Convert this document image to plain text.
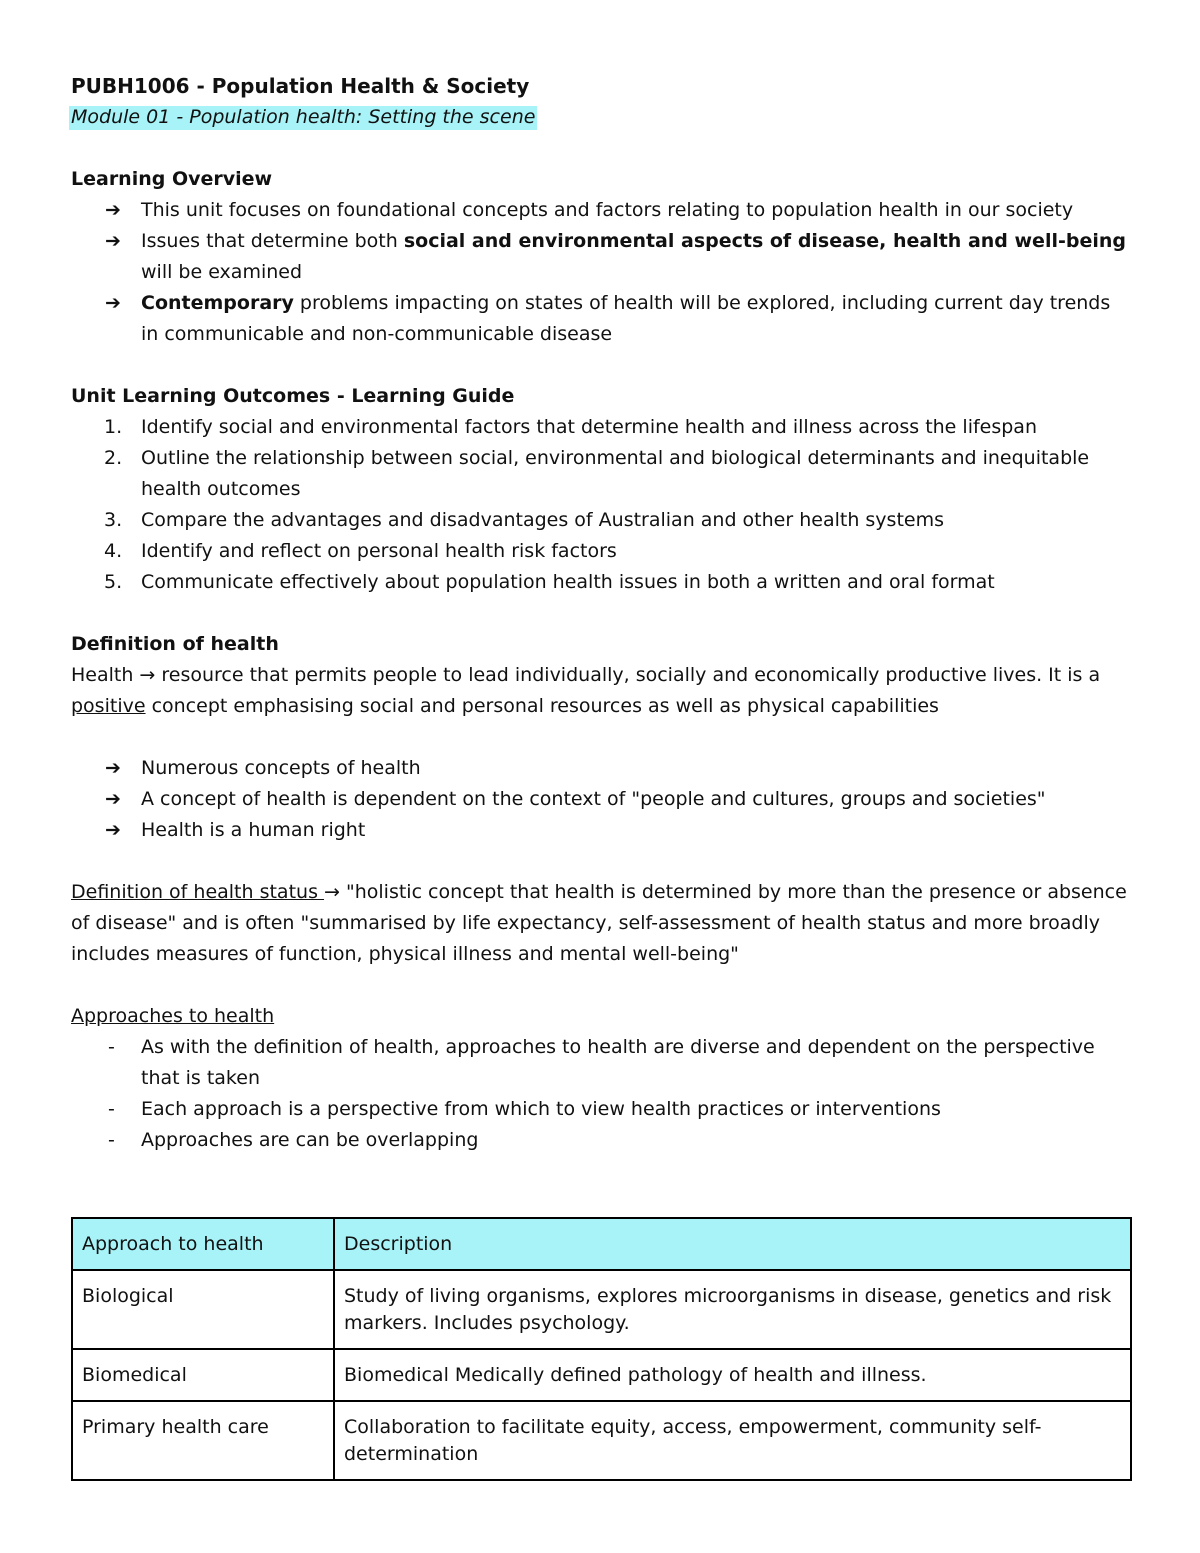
PUBH1006 - Population Health & Society
Module 01 - Population health: Setting the scene
Learning Overview
➔	This unit focuses on foundational concepts and factors relating to population health in our society
➔	Issues that determine both social and environmental aspects of disease, health and well-being will be examined
➔	Contemporary problems impacting on states of health will be explored, including current day trends in communicable and non-communicable disease
Unit Learning Outcomes - Learning Guide
1. Identify social and environmental factors that determine health and illness across the lifespan
2. Outline the relationship between social, environmental and biological determinants and inequitable health outcomes
3. Compare the advantages and disadvantages of Australian and other health systems
4. Identify and reflect on personal health risk factors
5. Communicate effectively about population health issues in both a written and oral format
Definition of health
Health → resource that permits people to lead individually, socially and economically productive lives. It is a positive concept emphasising social and personal resources as well as physical capabilities
➔	Numerous concepts of health
➔	A concept of health is dependent on the context of "people and cultures, groups and societies"
➔	Health is a human right
Definition of health status → "holistic concept that health is determined by more than the presence or absence of disease" and is often "summarised by life expectancy, self-assessment of health status and more broadly includes measures of function, physical illness and mental well-being"
Approaches to health
-	As with the definition of health, approaches to health are diverse and dependent on the perspective that is taken
-	Each approach is a perspective from which to view health practices or interventions
-	Approaches are can be overlapping
Approach to health	Description
Biological	Study of living organisms, explores microorganisms in disease, genetics and risk markers. Includes psychology.
Biomedical	Biomedical Medically defined pathology of health and illness.
Primary health care	Collaboration to facilitate equity, access, empowerment, community self-determination
